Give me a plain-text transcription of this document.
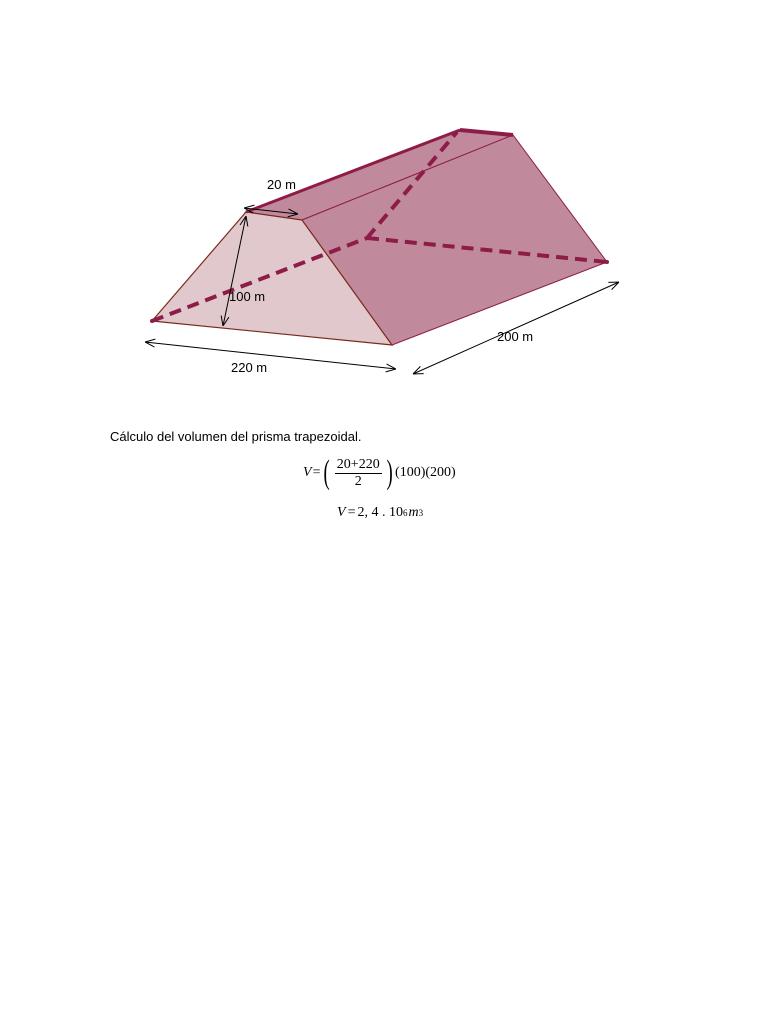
20 m
100 m
200 m
220 m
Cálculo del volumen del prisma trapezoidal.
V = ( $\frac{20+220}{2}$ ) (100) (200)
V = 2, 4 . 10 6 m 3
